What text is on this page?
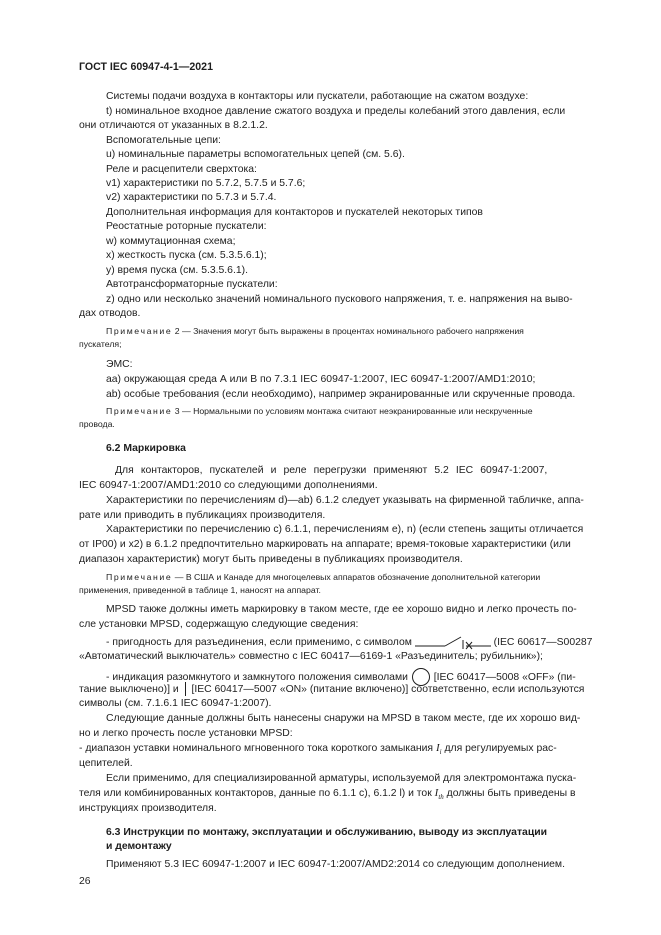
ГОСТ IEC 60947-4-1—2021
Системы подачи воздуха в контакторы или пускатели, работающие на сжатом воздухе:
t) номинальное входное давление сжатого воздуха и пределы колебаний этого давления, если
они отличаются от указанных в 8.2.1.2.
Вспомогательные цепи:
u) номинальные параметры вспомогательных цепей (см. 5.6).
Реле и расцепители сверхтока:
v1) характеристики по 5.7.2, 5.7.5 и 5.7.6;
v2) характеристики по 5.7.3 и 5.7.4.
Дополнительная информация для контакторов и пускателей некоторых типов
Реостатные роторные пускатели:
w) коммутационная схема;
x) жесткость пуска (см. 5.3.5.6.1);
y) время пуска (см. 5.3.5.6.1).
Автотрансформаторные пускатели:
z) одно или несколько значений номинального пускового напряжения, т. е. напряжения на выво-
дах отводов.
Примечание 2 — Значения могут быть выражены в процентах номинального рабочего напряжения
пускателя;
ЭМС:
аа) окружающая среда А или В по 7.3.1 IEC 60947-1:2007, IEC 60947-1:2007/AMD1:2010;
ab) особые требования (если необходимо), например экранированные или скрученные провода.
Примечание 3 — Нормальными по условиям монтажа считают неэкранированные или нескрученные
провода.
6.2 Маркировка
Для контакторов, пускателей и реле перегрузки применяют 5.2 IEC 60947-1:2007,
IEC 60947-1:2007/AMD1:2010 со следующими дополнениями.
Характеристики по перечислениям d)—ab) 6.1.2 следует указывать на фирменной табличке, аппа-
рате или приводить в публикациях производителя.
Характеристики по перечислению с) 6.1.1, перечислениям е), n) (если степень защиты отличается
от IP00) и x2) в 6.1.2 предпочтительно маркировать на аппарате; время-токовые характеристики (или
диапазон характеристик) могут быть приведены в публикациях производителя.
Примечание — В США и Канаде для многоцелевых аппаратов обозначение дополнительной категории
применения, приведенной в таблице 1, наносят на аппарат.
MPSD также должны иметь маркировку в таком месте, где ее хорошо видно и легко прочесть по-
сле установки MPSD, содержащую следующие сведения:
- пригодность для разъединения, если применимо, с символом	(IEC 60617—S00287
«Автоматический выключатель» совместно с IEC 60417—6169-1 «Разъединитель; рубильник»);
- индикация разомкнутого и замкнутого положения символами [IEC 60417—5008 «OFF» (пи-
тание выключено)] и [IEC 60417—5007 «ON» (питание включено)] соответственно, если используются
символы (см. 7.1.6.1 IEC 60947-1:2007).
Следующие данные должны быть нанесены снаружи на MPSD в таком месте, где их хорошо вид-
но и легко прочесть после установки MPSD:
- диапазон уставки номинального мгновенного тока короткого замыкания $I_i$ для регулируемых рас-
цепителей.
Если применимо, для специализированной арматуры, используемой для электромонтажа пуска-
теля или комбинированных контакторов, данные по 6.1.1 с), 6.1.2 l) и ток $I_{th}$ должны быть приведены в
инструкциях производителя.
6.3 Инструкции по монтажу, эксплуатации и обслуживанию, выводу из эксплуатации
и демонтажу
Применяют 5.3 IEC 60947-1:2007 и IEC 60947-1:2007/AMD2:2014 со следующим дополнением.
26
